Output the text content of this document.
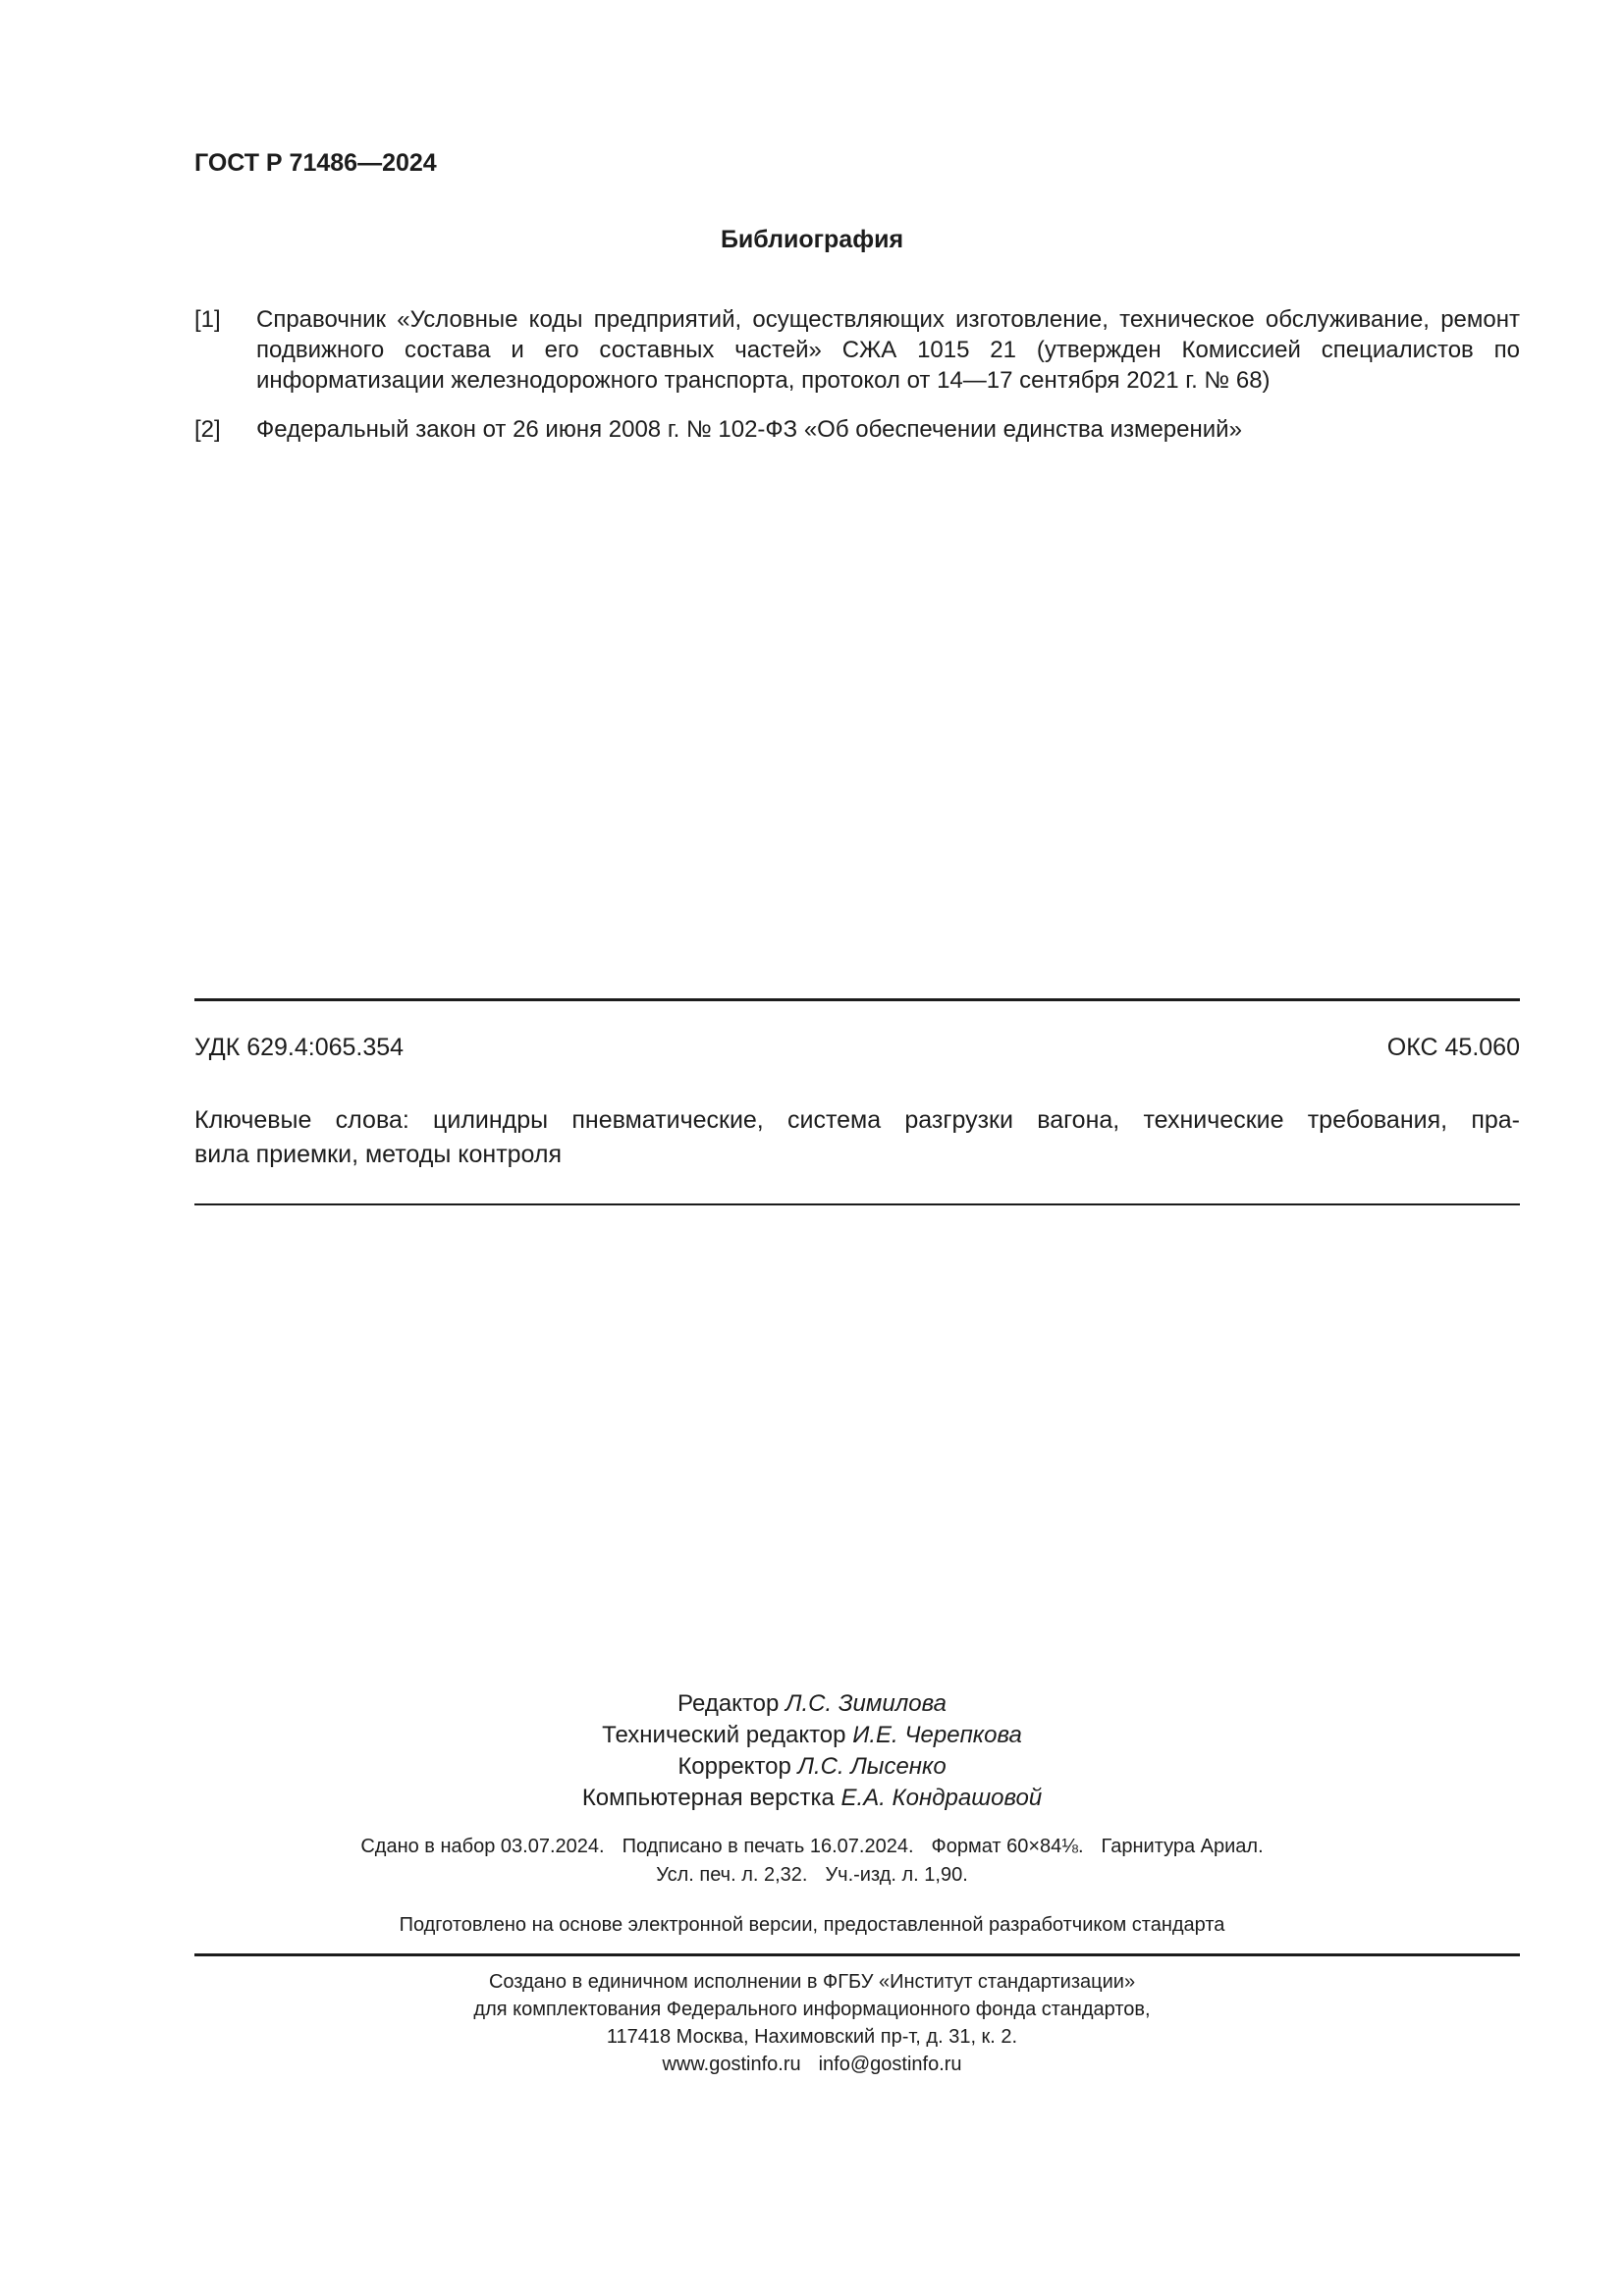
ГОСТ Р 71486—2024
Библиография
[1] Справочник «Условные коды предприятий, осуществляющих изготовление, техническое обслуживание, ремонт подвижного состава и его составных частей» СЖА 1015 21 (утвержден Комиссией специалистов по информатизации железнодорожного транспорта, протокол от 14—17 сентября 2021 г. № 68)
[2] Федеральный закон от 26 июня 2008 г. № 102-ФЗ «Об обеспечении единства измерений»
УДК 629.4:065.354	ОКС 45.060
Ключевые слова: цилиндры пневматические, система разгрузки вагона, технические требования, пра-
вила приемки, методы контроля
Редактор Л.С. Зимилова
Технический редактор И.Е. Черепкова
Корректор Л.С. Лысенко
Компьютерная верстка Е.А. Кондрашовой
Сдано в набор 03.07.2024. Подписано в печать 16.07.2024. Формат 60×84⅛. Гарнитура Ариал.
Усл. печ. л. 2,32. Уч.-изд. л. 1,90.
Подготовлено на основе электронной версии, предоставленной разработчиком стандарта
Создано в единичном исполнении в ФГБУ «Институт стандартизации»
для комплектования Федерального информационного фонда стандартов,
117418 Москва, Нахимовский пр-т, д. 31, к. 2.
www.gostinfo.ru info@gostinfo.ru
